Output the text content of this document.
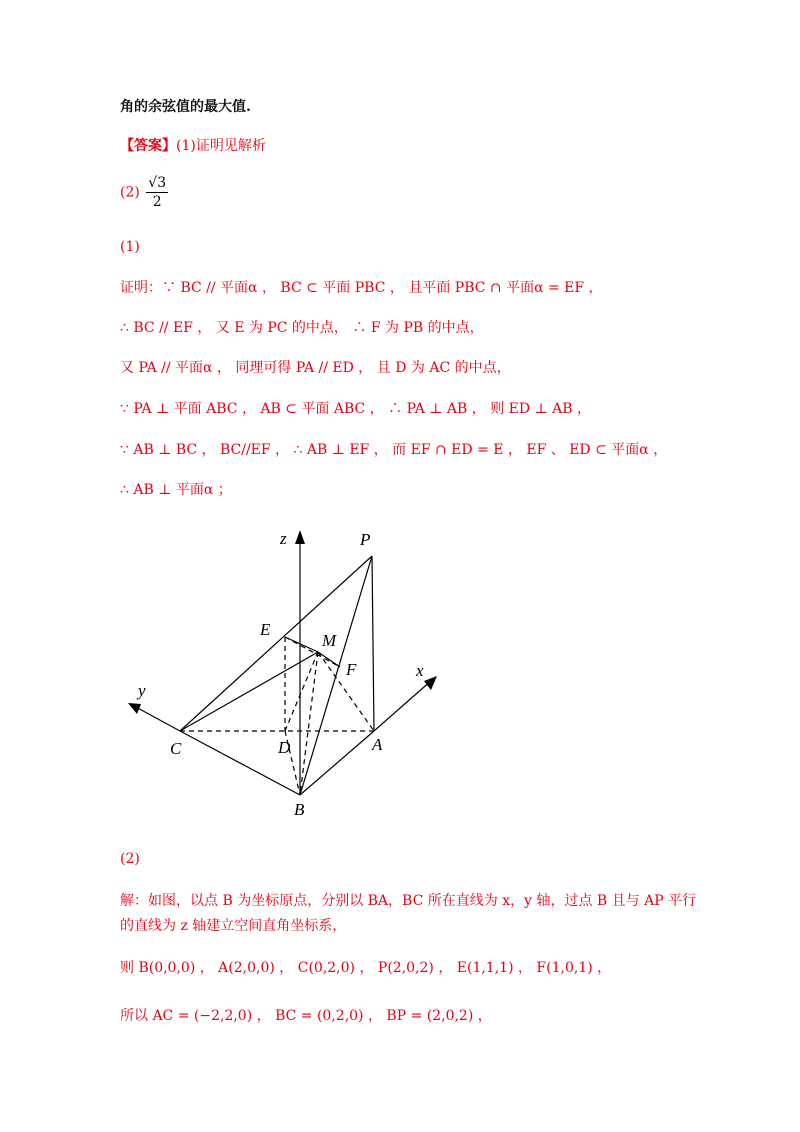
角的余弦值的最大值.
【答案】(1)证明见解析
$(2) \frac{√3}{2}$
(1)
证明：∵ BC // 平面α ， BC ⊂ 平面 PBC ， 且平面 PBC ∩ 平面α = EF ，
∴ BC // EF ， 又 E 为 PC 的中点， ∴ F 为 PB 的中点，
又 PA // 平面α ， 同理可得 PA // ED ， 且 D 为 AC 的中点，
∵ PA ⊥ 平面 ABC ， AB ⊂ 平面 ABC ， ∴ PA ⊥ AB ， 则 ED ⊥ AB ，
∵ AB ⊥ BC ， BC//EF ， ∴ AB ⊥ EF ， 而 EF ∩ ED = E ， EF 、 ED ⊂ 平面α ，
∴ AB ⊥ 平面α ；
z	P
E
M
F	x
y
C	D	A
B
(2)
解：如图，以点 B 为坐标原点，分别以 BA，BC 所在直线为 x，y 轴，过点 B 且与 AP 平行
的直线为 z 轴建立空间直角坐标系，
则 B(0,0,0) ， A(2,0,0) ， C(0,2,0) ， P(2,0,2) ， E(1,1,1) ， F(1,0,1) ，
所以 AC = (−2,2,0) ， BC = (0,2,0) ， BP = (2,0,2) ，
